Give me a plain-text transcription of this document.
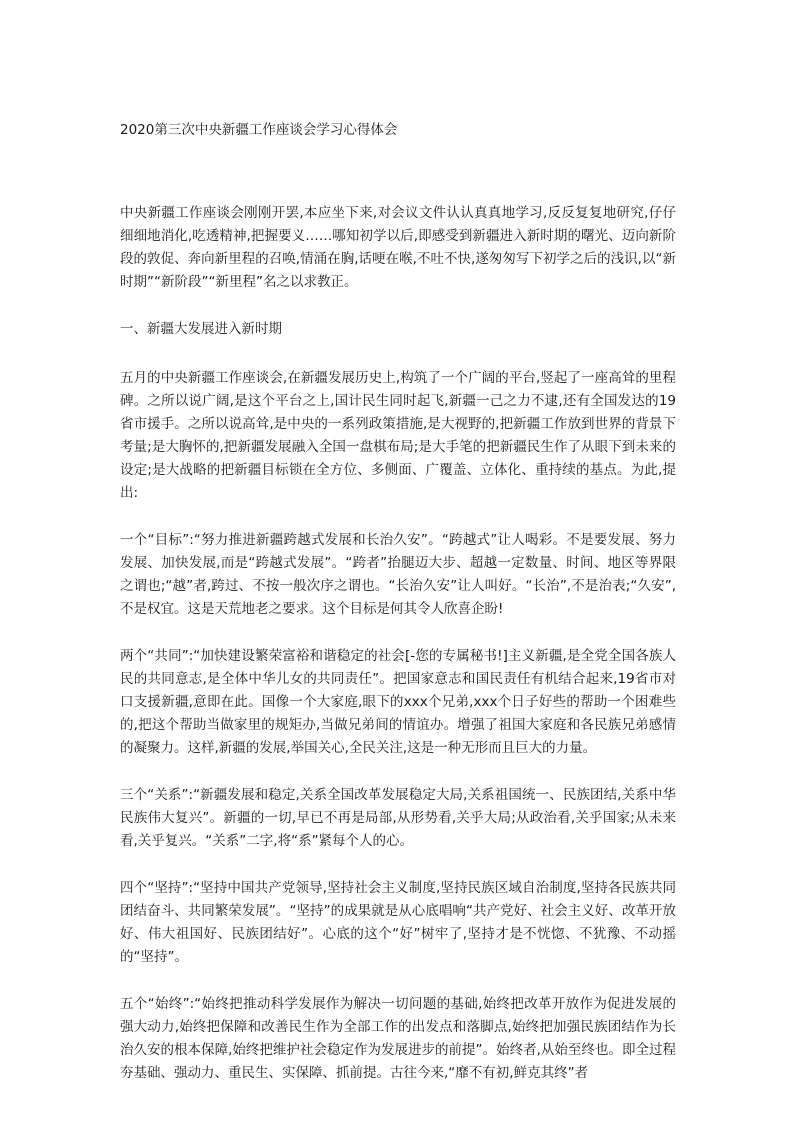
2020第三次中央新疆工作座谈会学习心得体会

中央新疆工作座谈会刚刚开罢,本应坐下来,对会议文件认认真真地学习,反反复复地研究,仔仔细细地消化,吃透精神,把握要义……哪知初学以后,即感受到新疆进入新时期的曙光、迈向新阶段的敦促、奔向新里程的召唤,情涌在胸,话哽在喉,不吐不快,遂匆匆写下初学之后的浅识,以“新时期”“新阶段”“新里程”名之以求教正。

一、新疆大发展进入新时期

五月的中央新疆工作座谈会,在新疆发展历史上,构筑了一个广阔的平台,竖起了一座高耸的里程碑。之所以说广阔,是这个平台之上,国计民生同时起飞,新疆一己之力不逮,还有全国发达的19省市援手。之所以说高耸,是中央的一系列政策措施,是大视野的,把新疆工作放到世界的背景下考量;是大胸怀的,把新疆发展融入全国一盘棋布局;是大手笔的把新疆民生作了从眼下到未来的设定;是大战略的把新疆目标锁在全方位、多侧面、广覆盖、立体化、重持续的基点。为此,提出:

一个“目标”:“努力推进新疆跨越式发展和长治久安”。“跨越式”让人喝彩。不是要发展、努力发展、加快发展,而是“跨越式发展”。“跨者”抬腿迈大步、超越一定数量、时间、地区等界限之谓也;“越”者,跨过、不按一般次序之谓也。“长治久安”让人叫好。“长治”,不是治表;“久安”,不是权宜。这是天荒地老之要求。这个目标是何其令人欣喜企盼!

两个“共同”:“加快建设繁荣富裕和谐稳定的社会[-您的专属秘书!]主义新疆,是全党全国各族人民的共同意志,是全体中华儿女的共同责任”。把国家意志和国民责任有机结合起来,19省市对口支援新疆,意即在此。国像一个大家庭,眼下的xxx个兄弟,xxx个日子好些的帮助一个困难些的,把这个帮助当做家里的规矩办,当做兄弟间的情谊办。增强了祖国大家庭和各民族兄弟感情的凝聚力。这样,新疆的发展,举国关心,全民关注,这是一种无形而且巨大的力量。

三个“关系”:“新疆发展和稳定,关系全国改革发展稳定大局,关系祖国统一、民族团结,关系中华民族伟大复兴”。新疆的一切,早已不再是局部,从形势看,关乎大局;从政治看,关乎国家;从未来看,关乎复兴。“关系”二字,将“系”紧每个人的心。

四个“坚持”:“坚持中国共产党领导,坚持社会主义制度,坚持民族区域自治制度,坚持各民族共同团结奋斗、共同繁荣发展”。“坚持”的成果就是从心底唱响“共产党好、社会主义好、改革开放好、伟大祖国好、民族团结好”。心底的这个“好”树牢了,坚持才是不恍惚、不犹豫、不动摇的“坚持”。

五个“始终”:“始终把推动科学发展作为解决一切问题的基础,始终把改革开放作为促进发展的强大动力,始终把保障和改善民生作为全部工作的出发点和落脚点,始终把加强民族团结作为长治久安的根本保障,始终把维护社会稳定作为发展进步的前提”。始终者,从始至终也。即全过程夯基础、强动力、重民生、实保障、抓前提。古往今来,“靡不有初,鲜克其终”者
